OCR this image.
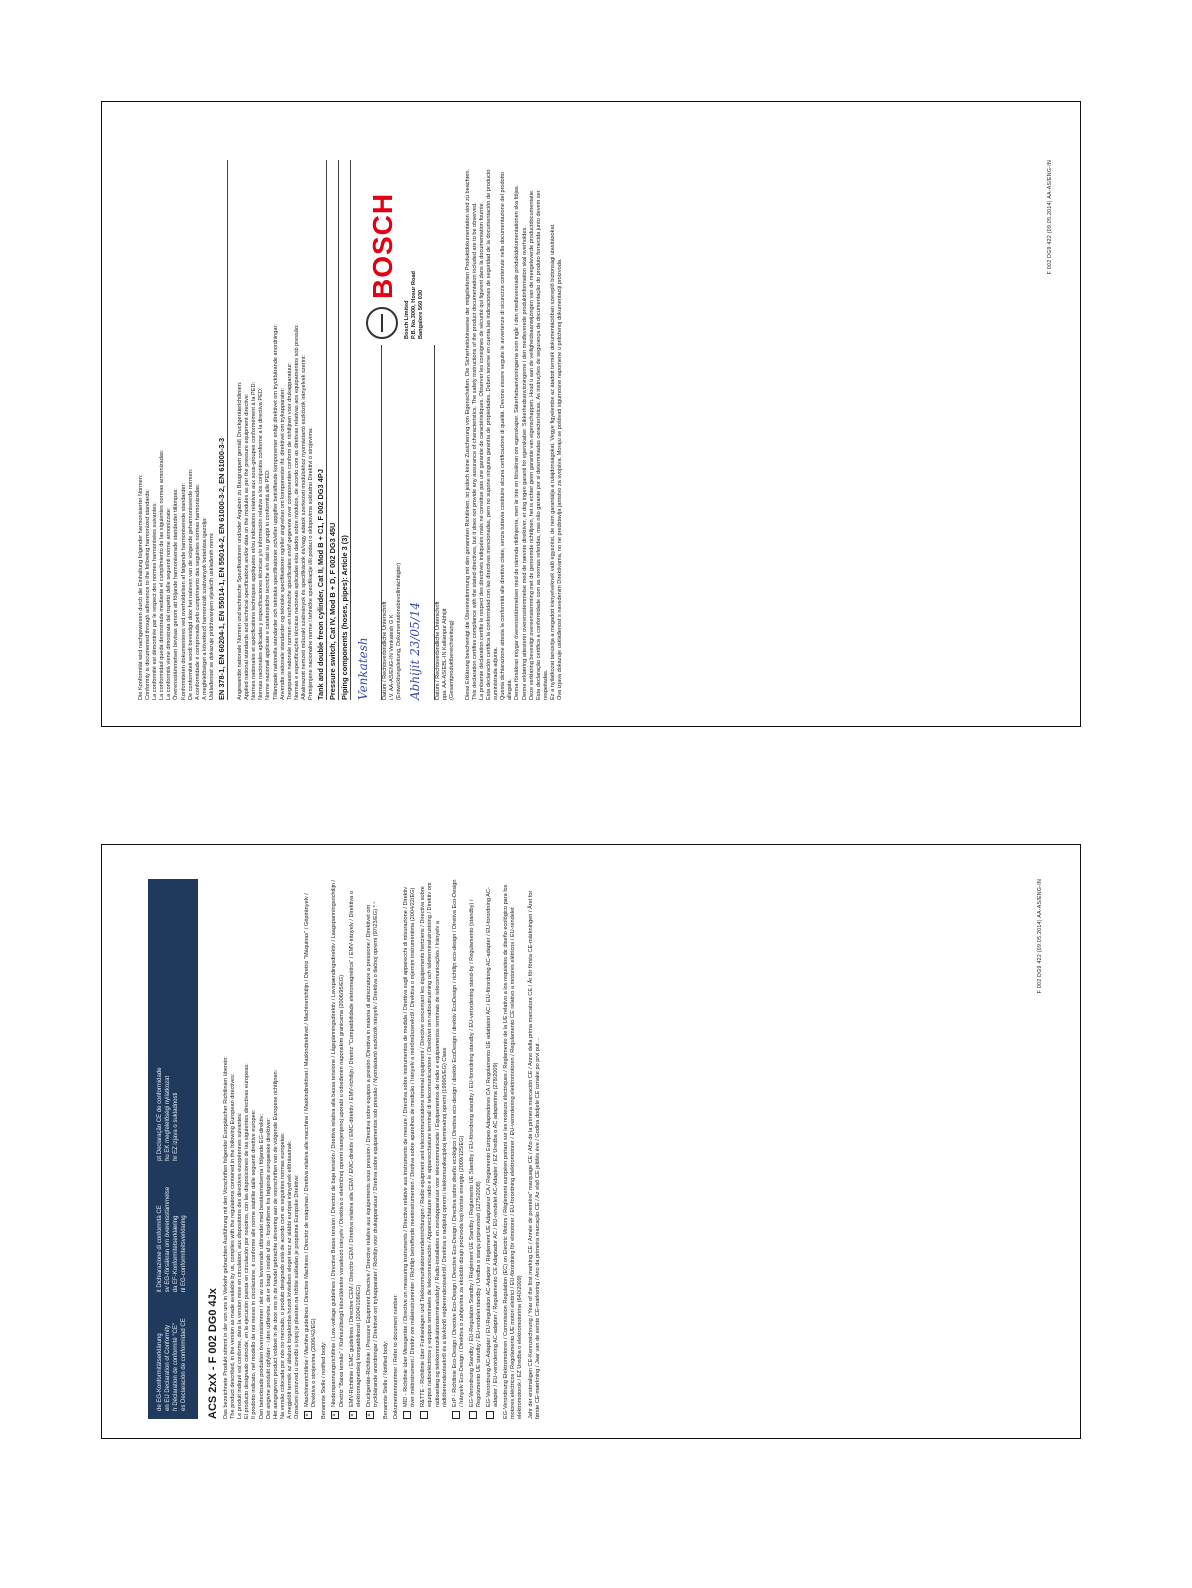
Die Konformität wird nachgewiesen durch die Einhaltung folgender harmonisierter Normen: Conformity is documented through adherence to the following harmonized standards: La conformité est démontrée par le respect des normes harmonisées suivantes: La conformidad queda demostrada mediante el cumplimiento de las siguientes normas armonizadas: La conformità viene dimostrata dal rispetto delle seguenti norme armonizzate: Överensstämmelsen bevisas genom att följande harmoniserade standarder tillämpas: Konformiteten dokumenteres ved overholdelsen af følgende harmoniserede standarder: De conformiteit wordt bevestigd door het naleven van de volgende geharmoniseerde normen: A conformidade é comprovada pelo cumprimento das seguintes normas harmonizadas: A megfelelőséget a következő harmonizált szabványok betartása igazolja: Usklađenost se dokazuje pridržavanjem sljedećih usklađenih normi: EN 378-1, EN 60204-1, EN 55014-1, EN 55014-2, EN 61000-3-2, EN 61000-3-3	Angewandte nationale Normen und technische Spezifikationen und/oder Angaben zu Baugruppen gemäß Druckgeräterichtlinien: Applied national standards and technical specifications and/or data on the modules as per the pressure equipment directive: Normes nationales et spécifications techniques appliquées et/ou indications relatives aux sous-groupes conformément à la PED: Normas nacionales aplicadas y especificaciones técnicas y/o información relativa a los conjuntos conforme a la directiva PED: Norme nazionali applicate e caratteristiche tecniche e/o dati su gruppi in conformità alle PED: Tillämpade nationella standarder och tekniska specifikationer och/eller uppgifter beträffande komponenter enligt direktivet om tryckbärande anordningar: Anvendte nationale standarder og tekniske specifikationer og/eller angivelser om komponenter iht. direktivet om trykapparater: Toegepaste nationale normen en technische specificaties en/of gegevens over componenten conform de richtlijnen voor drukapparatuur: Normas e especificações técnicas nacionais aplicadas e/ou dados sobre módulos, de acordo com as diretivas relativas aos equipamentos sob pressão: Alkalmazott nemzeti műszaki szabványok és specifikációk és/vagy adatok szerkezeti modulokhoz nyomástartó eszközök irányelvek szerint: Primijenjene nacionalne norme i tehničke specifikacije i/ili podaci o sklopovima sukladno Direktivi o strojevima: Tank and double freon cylinder, Cat II, Mod B + C1, F 002 DG3 4PJ Pressure switch, Cat IV, Mod B + D, F 002 DG3 45U Piping components (hoses, pipes): Article 3 (3) Venkatesh Datum / Rechtsverbindliche Unterschrift i.V. AA-AS/ENG-IN Venkatesh G K (Entwicklungsleitung, Dokumentationsbevollmächtigter) Abhijit 23/05/14 Datum / Rechtsverbindliche Unterschrift ppa. AA-AS/EBL-IN Kallianpur Abhijit (Gesamtproduktbereichsleitung)

BOSCH

Bosch Limited P.B. No.3000, Hosur Road Bangalore 560 030	Diese Erklärung bescheinigt die Übereinstimmung mit den genannten Richtlinien, ist jedoch keine Zusicherung von Eigenschaften. Die Sicherheitshinweise der mitgelieferten Produktdokumentation sind zu beachten. This declaration certifies compliance with the stated directives, but it does not provide any assurance of characteristics. The safety instructions of the product documentation included are to be observed. La présente déclaration certifie le respect des directives indiquées mais ne constitue pas une garantie de caractéristiques. Observer les consignes de sécurité qui figurent dans la documentation fournie. Esta declaración certifica la conformidad con las directivas mencionadas, pero no supone ninguna garantía de propiedades. Deben tenerse en cuenta las indicaciones de seguridad de la documentación de producto suministrada adjunta. Questa dichiarazione attesta la conformità alle direttive citate, senza tuttavia costituire alcuna certificazione di qualità. Devono essere seguite le avvertenze di sicurezza contenute nella documentazione del prodotto allegata. Denna försäkran intygar överensstämmelsen med de nämnda riktlinjerna, men är inte en försäkran om egenskaper. Säkerhetsanvisningarna som ingår i den medlevererade produktdokumentationen ska följas. Denne erklæring attesterer overensstemmelse med de nævnte direktiver, er dog ingen garanti for egenskaber. Sikkerhedsanvisningerne i den medleverede produktinformation skal overholdes. Deze verklaring bevestigt overeenstemming met de genoemde richtlijnen, het is echter geen garantie van eigenschappen. Houd u aan de veiligheidsaanwijzingen van de meegeleverde productdocumentatie. Esta declaração certifica a conformidade com as normas referidas, mas não garante por si determinadas características. As instruções de segurança da documentação do produto fornecida junto devem ser respeitadas. Ez a nyilatkozat tanúsítja a megadott irányelveknek való egyezést, de nem garantálja a tulajdonságokat. Vegye figyelembe az átadott termék dokumentációban szereplő biztonsági utasításokat. Ova izjava dokazuje usklađenost s navedenim Direktivama, no ne predstavlja jamstvo za svojstva. Moraju se poštivati sigurnosne napomene u priloženoj dokumentaciji proizvoda.

F 002 DG9 422 (09.05.2014) AA-AS/ENG-IN
de EG-Konformitätserklärung en EU Declaration of Conformity fr Déclaration de conformité "CE" es Declaración de conformidad CE
it Dichiarazione di conformità CE sv EG-försäkran om överensstämmelse da EF-Konformitetserklæring nl EG-conformiteitsverklaring
pt Declaração CE de conformidade hu EK megfelelőségi nyilatkozat hr EZ izjava o sukladnosti
ACS 2xX - F 002 DG0 4Jx Das bezeichnete Produkt stimmt in der von uns in Verkehr gebrachten Ausführung mit den Vorschriften folgender Europäischer Richtlinien überein: The product described, in the version as made available by us, complies with the regulations contained in the following European directives: Le produit indiqué est conforme, dans la version mise en circulation, aux dispositions des directives européennes suivantes: El producto designado coincide, en la ejecución puesta en circulación por nosotros, con las disposiciones de las siguientes directivas europeas: Il prodotto indicato, nel modello da noi messo in circolazione, è conforme alle norme stabilite dalle seguenti direttive europee: Den betecknade produkten överensstämmer i det av oss levererade utförandet med bestämmelserna i följande EG-direktiv: Det angivne produkt opfylder - i den udførelse, det er bragt i omløb af os - forskrifterne fra følgende europæiske direktiver: Het aangegeven product voldoet in de door ons in de handel gebrachte uitvoering aan de voorschriften van de volgende Europese richtlijnen: Na versão colocada por nós no mercado, o produto designado está de acordo com as seguintes normas europeias: A megjelölt termék az általunk forgalomba hozott kivitelben eleget tesz az alábbi európai irányelvek előírásainak: Označeni proizvod u izvedbi u kojoj je plasiran na tržište sukladan je propisima Europske Direktive: ×
Maschinenrichtlinie / Machine guidelines / Directive Machines / Directriz de máquinas / Direttiva relativa alle macchine / Maskindirektivet / Maskindirektivet / Machinerichtlijn / Diretriz "Máquinas" / Gépirányelv / Direktiva o strojevima (2006/42/EG) Benannte Stelle / notified body: ×
Niederspannungsrichtlinie / Low-voltage guidelines / Directive Basse tension / Directriz de baja tensión / Direttiva relativa alla bassa tensione / Lågspänningsdirektiv / Lavspændingsdirektiv / Laagspanningsrichtlijn / Diretriz "Baixa tensão" / Kisfeszültségű készülékekre vonatkozó irányelv / Direktiva o električnoj opremi namijenjenoj uporabi u određenim naponskim granicama (2006/95/EG)
×
EMV-Richtlinie / EMC guidelines / Directive CEM / Directriz CEM / Direttiva relativa alla CEM / EMC-direktiv / EMC-direktiv / EMV-richtlijn / Diretriz "Compatibilidade eletromagnética" / EMV-irányelv / Direktiva o elektromagnetskoj kompatibilnosti (2004/108/EG)
×
Druckgeräte-Richtlinie / Pressure Equipment Directive / Directive relative aux équipements sous pression / Directiva sobre equipos a presión /Direttiva in materia di attrezzature a pressione / Direktivet om tryckbärande anordningar / Direktivet om trykapparater / Richtlijn voor drukapparatuur / Diretiva sobre equipamentos sob pressão / Nyomástartó eszközök irányelv / Direktiva o tlačnoj opremi (97/23/EG) * ° Benannte Stelle / Notified body: Dokumentennummer / Refer to document number: MID - Richtlinie über Messgeräte / Directive on measuring instruments / Directive relative aux instruments de mesure / Directiva sobre instrumentos de medida / Direttiva sugli apparecchi di misurazione / Direktiv över mätinstrument / Direktiv om måleinstrumenter / Richtlijn betreffende meetinstrumenten / Diretiva sobre aparelhos de medição / Irányelv a mérőműszerekről / Direktiva o mjernim instrumentima (2004/22/EG) R&TTE - Richtlinie über Funkanlagen und Telekommunikationsendeinrichtungen / Radio equipment and telecommunications terminal equipment / Directive concernant les équipements hertziens / Directiva sobre equipos radioeléctricos y equipos terminales de telecomunicación / Apparecchiature radio e le apparecchiature terminali di telecomunicazione / Direktivet om radioutrustning och teleterminalutrustning / Direktiv om radioanlæg og telekommunikationsterminaludstyr / Radio-installaties en zendapparatuur voor telecommunicatie / Equipamentos de rádio e equipamentos terminais de telecomunicações / Irányelv a rádióberendezésekről és a távközlő végberendezésekről / Direktiva o radijskoj opremi i telekomunikacijskoj terminalnoj opremi (1999/5/EG) Class ErP - Richtlinie Eco-Design / Directive Eco-Design / Directive Eco-Design / Directiva sobre diseño ecológico / Direttiva eco-design / direktiv EcoDesign / direktiv EcoDesign / richtlijn eco-design / Diretiva Eco-Design / Irányelv Eco-Design / Direktiva o zahtjevima za ekološki dizajn proizvoda koji koriste energiju (2009/125/EG) EG-Verordnung Standby / EU-Regulation Standby / Règlement UE Standby / Reglamento UE Standby / EU-förordning standby / EU-forordning standby / EU-verordening stand-by / Regulamento (standby) / Regolamento UE standby / EU-rendelet standby / Uredba o stanju pripravnosti (1275/2008) EG-Verordnung AC-Adapter / EU-Regulation AC-Adapter / Règlement UE Adaptateur CA / Reglamento Europeo Adaptadores CA / Regolamento UE adattatori AC / EU-förordning AC-adapter / EU-forordning AC-adapter / EU-verordening AC-adapter / Regulamento CE Adaptador AC / EU-rendelet AC-Adapter / EZ Uredba o AC adapterima (278/2009) EG-Verordnung Elektromotoren / Commission Regulation (EC) on Electric Motors / Règlement européen portant sur les moteurs électriques / Reglamento de la UE relativo a los requisitos de diseño ecológico para los motores eléctricos / Regolamento UE motori elettrici / EU-förordning för elmotorer / EU-forordning elektromotorer / EU-verordening elektromotoren / Regulamento CE relativo a motores elétricos / EU-rendelet elektromotorok / EZ Uredba o elektromotorima (640/2009) Jahr der erstmaligen CE-Kennzeichnung / Year of the first marking CE / Année de première" marquage CE / Año de la primera marcación CE / Anno della prima marcatura CE / År för första CE-märkningen / Året for første CE-mærkning / Jaar van de eerste CE-markering / Ano da primeira marcação CE / Az első CE jelölés éve / Godina dodjele CE oznake po prvi put ...
F 002 DG9 422 (09.05.2014) AA-AS/ENG-IN
